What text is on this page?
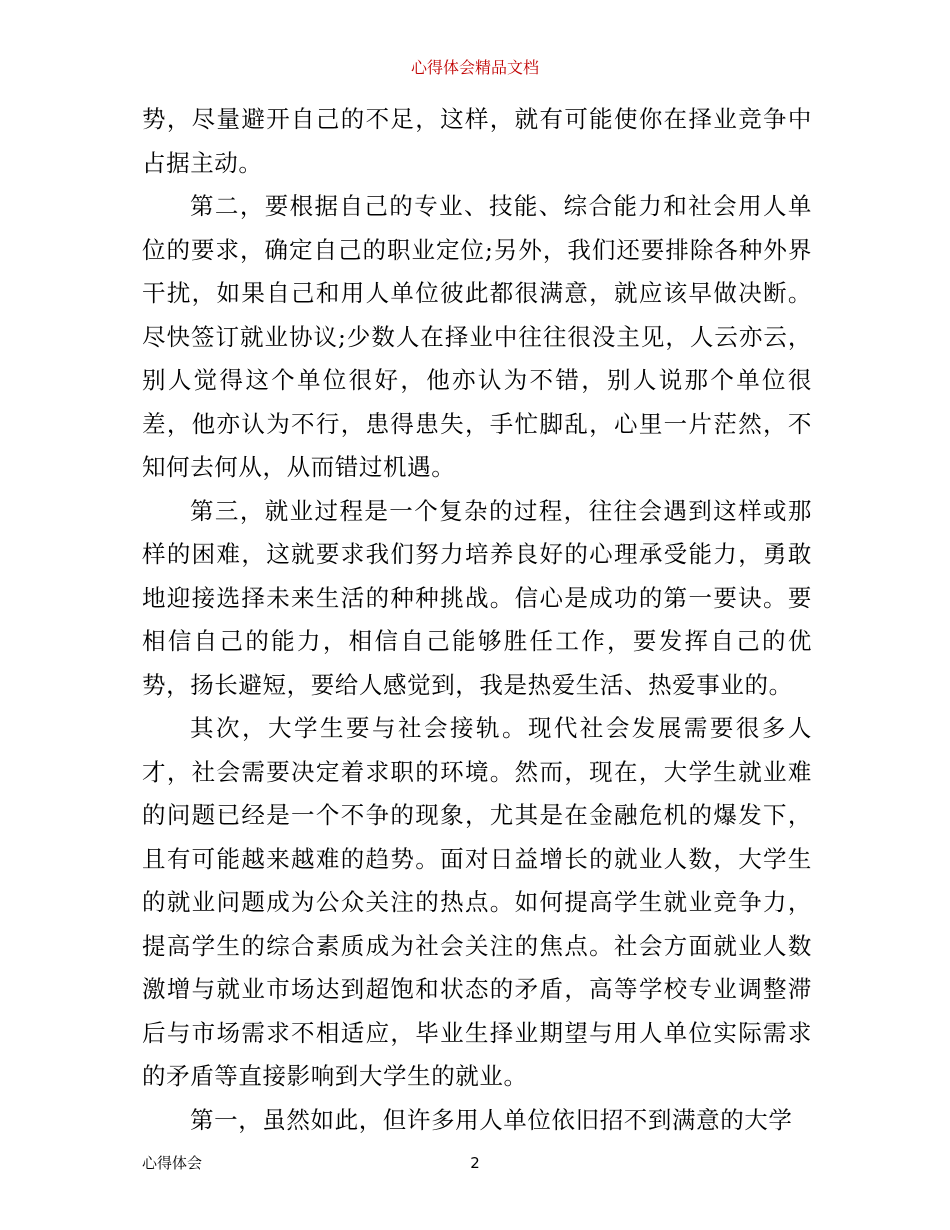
心得体会精品文档

势，尽量避开自己的不足，这样，就有可能使你在择业竞争中占据主动。

第二，要根据自己的专业、技能、综合能力和社会用人单位的要求，确定自己的职业定位;另外，我们还要排除各种外界干扰，如果自己和用人单位彼此都很满意，就应该早做决断。尽快签订就业协议;少数人在择业中往往很没主见，人云亦云，别人觉得这个单位很好，他亦认为不错，别人说那个单位很差，他亦认为不行，患得患失，手忙脚乱，心里一片茫然，不知何去何从，从而错过机遇。

第三，就业过程是一个复杂的过程，往往会遇到这样或那样的困难，这就要求我们努力培养良好的心理承受能力，勇敢地迎接选择未来生活的种种挑战。信心是成功的第一要诀。要相信自己的能力，相信自己能够胜任工作，要发挥自己的优势，扬长避短，要给人感觉到，我是热爱生活、热爱事业的。

其次，大学生要与社会接轨。现代社会发展需要很多人才，社会需要决定着求职的环境。然而，现在，大学生就业难的问题已经是一个不争的现象，尤其是在金融危机的爆发下，且有可能越来越难的趋势。面对日益增长的就业人数，大学生的就业问题成为公众关注的热点。如何提高学生就业竞争力，提高学生的综合素质成为社会关注的焦点。社会方面就业人数激增与就业市场达到超饱和状态的矛盾，高等学校专业调整滞后与市场需求不相适应，毕业生择业期望与用人单位实际需求的矛盾等直接影响到大学生的就业。

第一，虽然如此，但许多用人单位依旧招不到满意的大学

心得体会	2
